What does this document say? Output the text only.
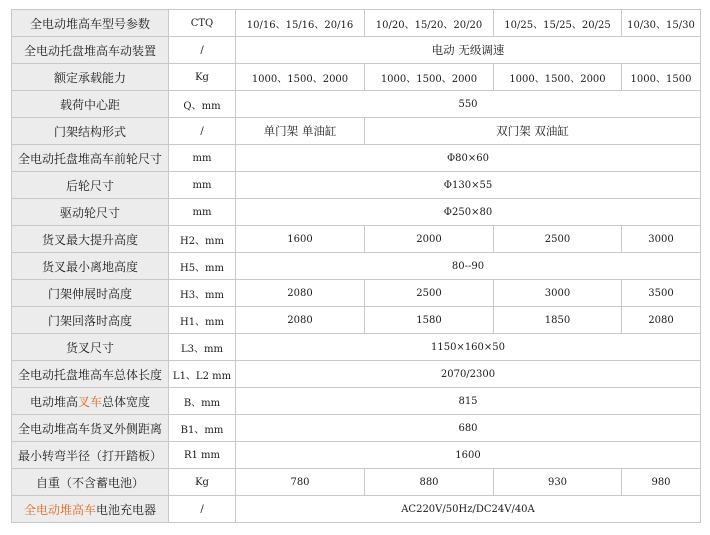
全电动堆高车型号参数	CTQ	10/16、15/16、20/16	10/20、15/20、20/20	10/25、15/25、20/25	10/30、15/30
全电动托盘堆高车动装置	/	电动 无级调速			
额定承载能力	Kg	1000、1500、2000	1000、1500、2000	1000、1500、2000	1000、1500
载荷中心距	Q、mm	550			
门架结构形式	/	单门架 单油缸	双门架 双油缸		
全电动托盘堆高车前轮尺寸	mm	Φ80×60			
后轮尺寸	mm	Φ130×55			
驱动轮尺寸	mm	Φ250×80			
货叉最大提升高度	H2、mm	1600	2000	2500	3000
货叉最小离地高度	H5、mm	80--90			
门架伸展时高度	H3、mm	2080	2500	3000	3500
门架回落时高度	H1、mm	2080	1580	1850	2080
货叉尺寸	L3、mm	1150×160×50			
全电动托盘堆高车总体长度	L1、L2 mm	2070/2300			
电动堆高叉车总体宽度	B、mm	815			
全电动堆高车货叉外侧距离	B1、mm	680			
最小转弯半径（打开踏板）	R1 mm	1600			
自重（不含蓄电池）	Kg	780	880	930	980
全电动堆高车电池充电器	/	AC220V/50Hz/DC24V/40A			
